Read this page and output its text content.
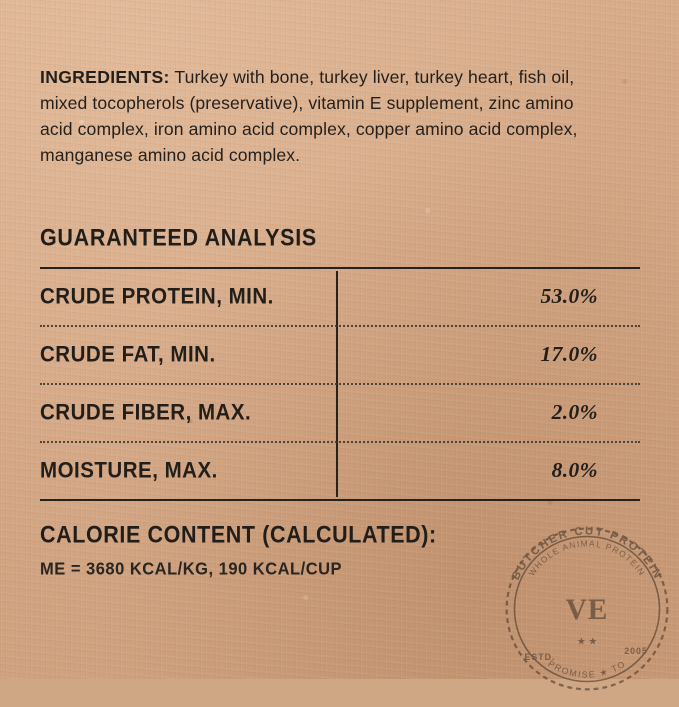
INGREDIENTS: Turkey with bone, turkey liver, turkey heart, fish oil, mixed tocopherols (preservative), vitamin E supplement, zinc amino acid complex, iron amino acid complex, copper amino acid complex, manganese amino acid complex.

GUARANTEED ANALYSIS
CRUDE PROTEIN, MIN.	53.0%
CRUDE FAT, MIN.	17.0%
CRUDE FIBER, MAX.	2.0%
MOISTURE, MAX.	8.0%
CALORIE CONTENT (CALCULATED):
ME = 3680 KCAL/KG, 190 KCAL/CUP	BUTCHER CUT PROTEIN
WHOLE ANIMAL PROTEIN
PROMISE ★ TO
VE
ESTD.
2005
★ ★
